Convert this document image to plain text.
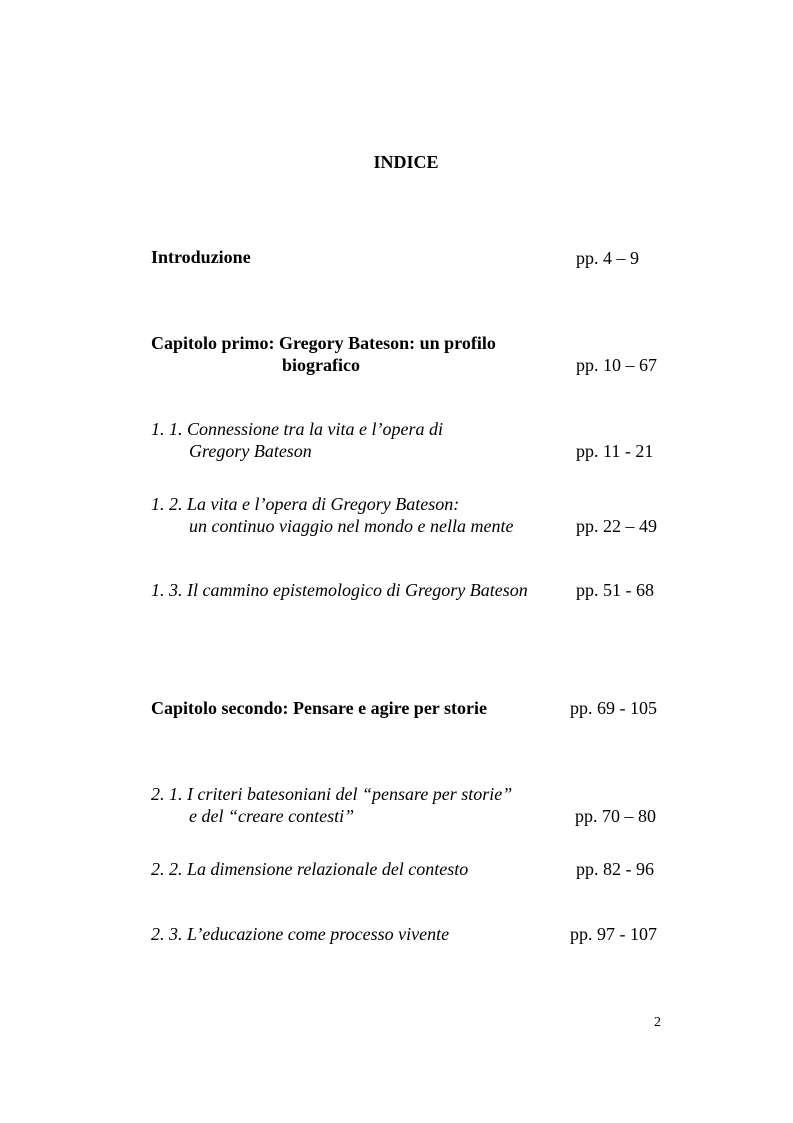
INDICE
Introduzione	pp. 4 – 9
Capitolo primo: Gregory Bateson: un profilo
biografico	pp. 10 – 67
1. 1. Connessione tra la vita e l’opera di
Gregory Bateson	pp. 11 - 21
1. 2. La vita e l’opera di Gregory Bateson:
un continuo viaggio nel mondo e nella mente	pp. 22 – 49
1. 3. Il cammino epistemologico di Gregory Bateson	pp. 51 - 68
Capitolo secondo: Pensare e agire per storie	pp. 69 - 105
2. 1. I criteri batesoniani del “pensare per storie”
e del “creare contesti”	pp. 70 – 80
2. 2. La dimensione relazionale del contesto	pp. 82 - 96
2. 3. L’educazione come processo vivente	pp. 97 - 107
2
